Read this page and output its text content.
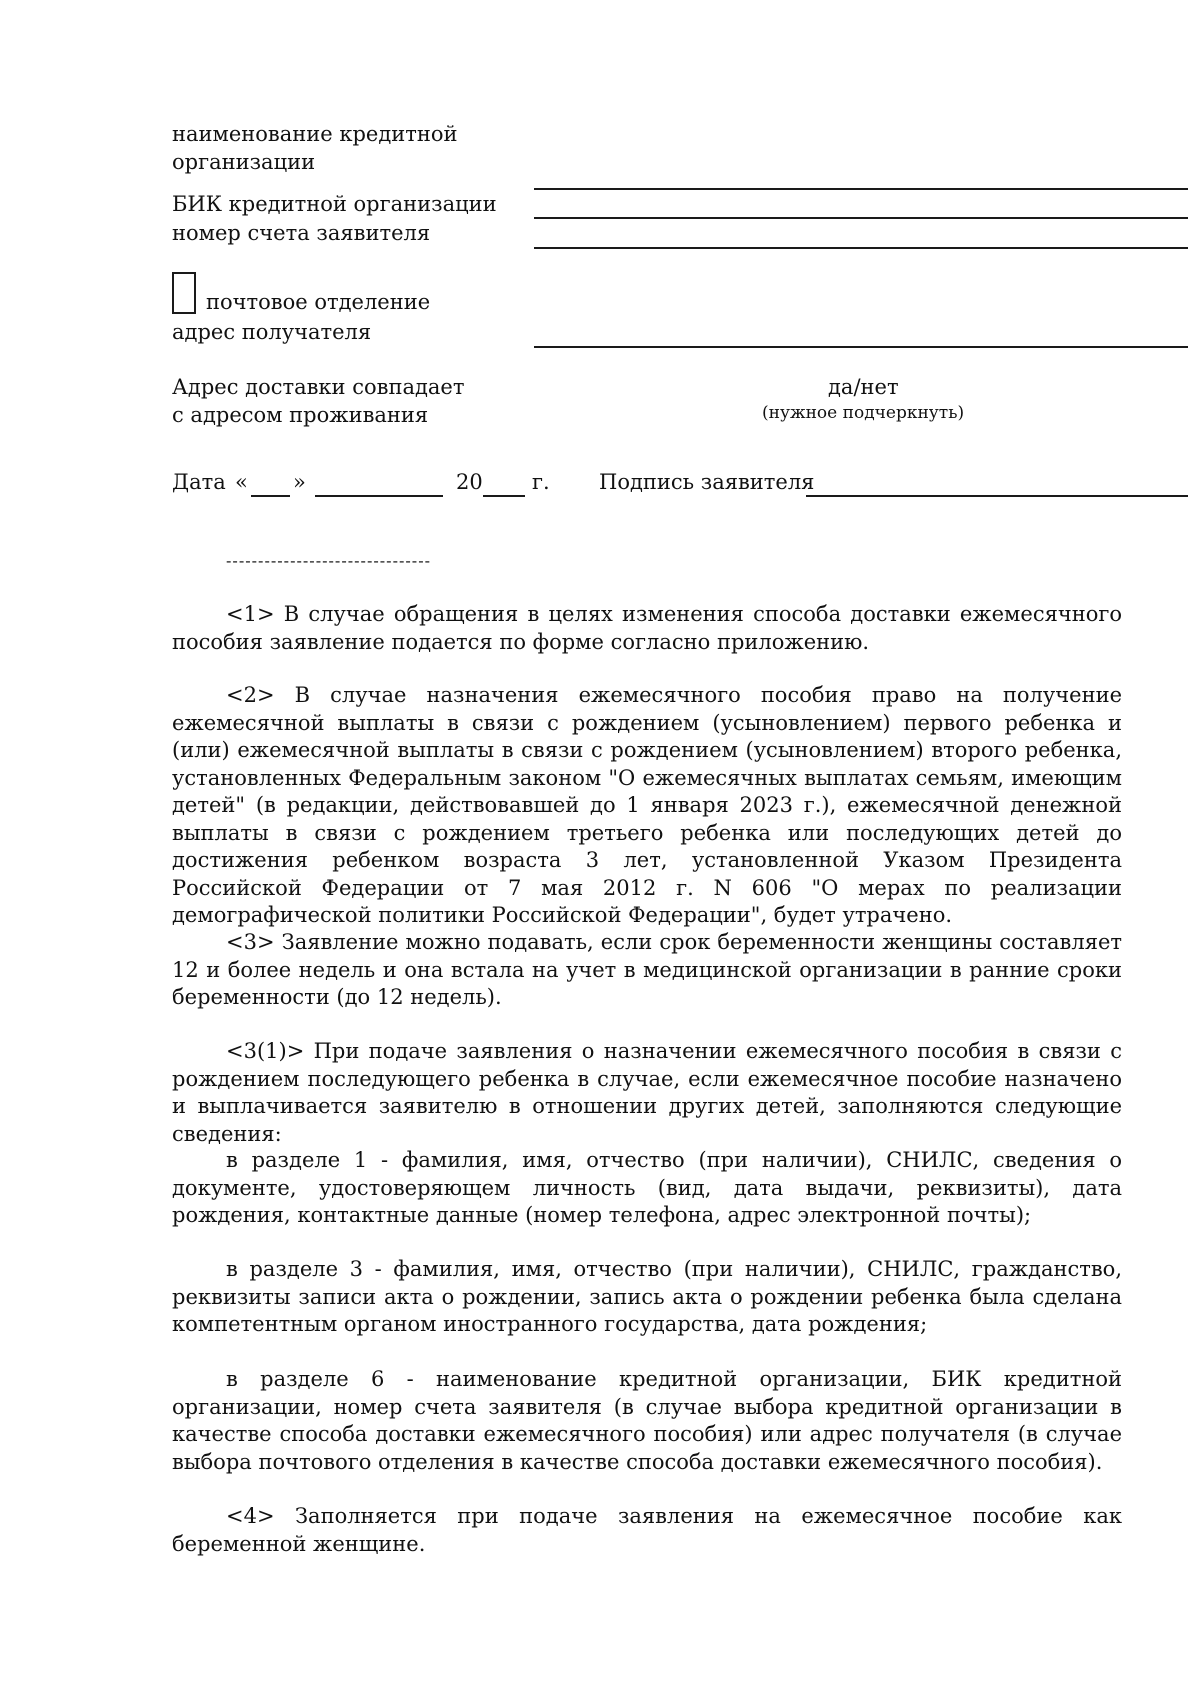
наименование кредитной
организации
БИК кредитной организации
номер счета заявителя
почтовое отделение
адрес получателя
Адрес доставки совпадает
с адресом проживания
да/нет
(нужное подчеркнуть)
Дата « »	20 г. Подпись заявителя
--------------------------------

<1> В случае обращения в целях изменения способа доставки ежемесячного пособия заявление подается по форме согласно приложению.

<2> В случае назначения ежемесячного пособия право на получение ежемесячной выплаты в связи с рождением (усыновлением) первого ребенка и (или) ежемесячной выплаты в связи с рождением (усыновлением) второго ребенка, установленных Федеральным законом "О ежемесячных выплатах семьям, имеющим детей" (в редакции, действовавшей до 1 января 2023 г.), ежемесячной денежной выплаты в связи с рождением третьего ребенка или последующих детей до достижения ребенком возраста 3 лет, установленной Указом Президента Российской Федерации от 7 мая 2012 г. N 606 "О мерах по реализации демографической политики Российской Федерации", будет утрачено.

<3> Заявление можно подавать, если срок беременности женщины составляет 12 и более недель и она встала на учет в медицинской организации в ранние сроки беременности (до 12 недель).

<3(1)> При подаче заявления о назначении ежемесячного пособия в связи с рождением последующего ребенка в случае, если ежемесячное пособие назначено и выплачивается заявителю в отношении других детей, заполняются следующие сведения:

в разделе 1 - фамилия, имя, отчество (при наличии), СНИЛС, сведения о документе, удостоверяющем личность (вид, дата выдачи, реквизиты), дата рождения, контактные данные (номер телефона, адрес электронной почты);

в разделе 3 - фамилия, имя, отчество (при наличии), СНИЛС, гражданство, реквизиты записи акта о рождении, запись акта о рождении ребенка была сделана компетентным органом иностранного государства, дата рождения;

в разделе 6 - наименование кредитной организации, БИК кредитной организации, номер счета заявителя (в случае выбора кредитной организации в качестве способа доставки ежемесячного пособия) или адрес получателя (в случае выбора почтового отделения в качестве способа доставки ежемесячного пособия).

<4> Заполняется при подаче заявления на ежемесячное пособие как беременной женщине.
